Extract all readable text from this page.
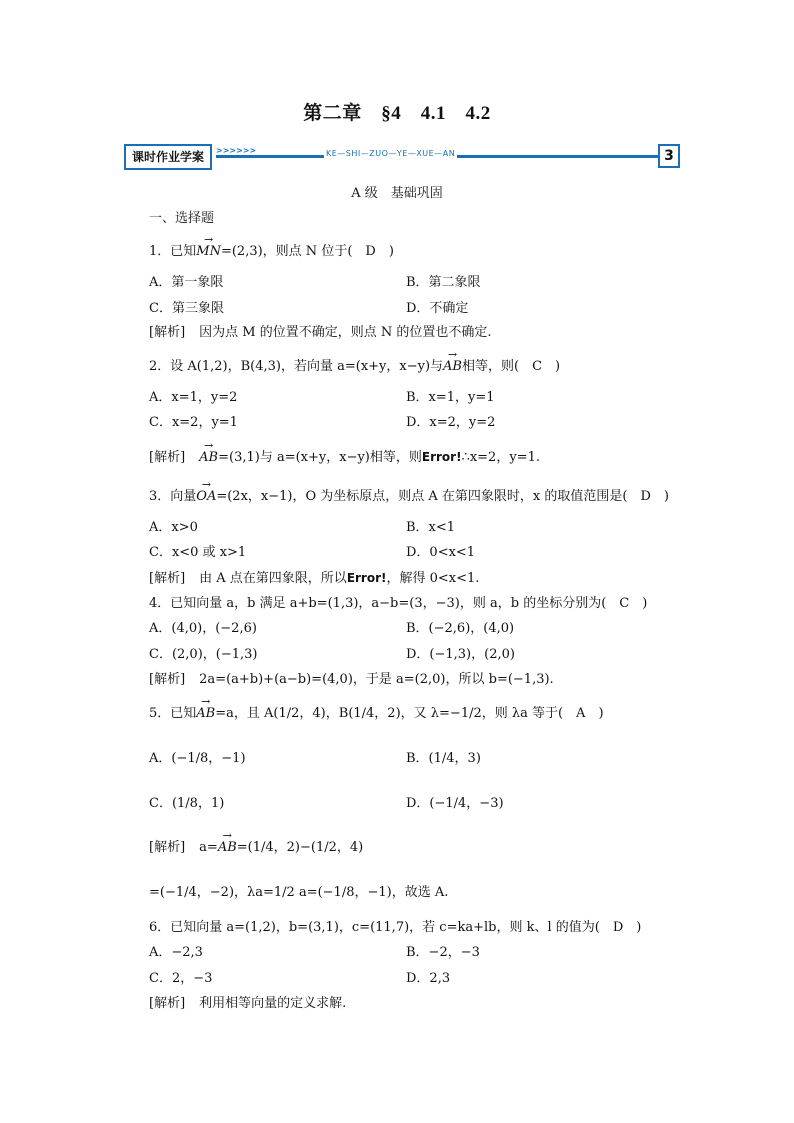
第二章　§4　4.1　4.2
课时作业学案	>>>>>>	KE—SHI—ZUO—YE—XUE—AN	3
A 级　基础巩固
一、选择题
1．已知→ MN=(2,3)，则点 N 位于(　D　)
A．第一象限	B．第二象限
C．第三象限	D．不确定
[解析] 因为点 M 的位置不确定，则点 N 的位置也不确定.
2．设 A(1,2)，B(4,3)，若向量 a=(x+y，x−y)与→ AB相等，则(　C　)
A．x=1，y=2	B．x=1，y=1
C．x=2，y=1	D．x=2，y=2
[解析]→ AB=(3,1)与 a=(x+y，x−y)相等，则Error!∴x=2，y=1.
3．向量→ OA=(2x，x−1)，O 为坐标原点，则点 A 在第四象限时，x 的取值范围是(　D　)
A．x>0	B．x<1
C．x<0 或 x>1	D．0<x<1
[解析] 由 A 点在第四象限，所以Error!，解得 0<x<1.
4．已知向量 a，b 满足 a+b=(1,3)，a−b=(3，−3)，则 a，b 的坐标分别为(　C　)
A．(4,0)，(−2,6)	B．(−2,6)，(4,0)
C．(2,0)，(−1,3)	D．(−1,3)，(2,0)
[解析] 2a=(a+b)+(a−b)=(4,0)，于是 a=(2,0)，所以 b=(−1,3).
5．已知→ AB=a，且 A(1/2，4)，B(1/4，2)，又 λ=−1/2，则 λa 等于(　A　)
A．(−1/8，−1)	B．(1/4，3)
C．(1/8，1)	D．(−1/4，−3)
[解析] a=→ AB=(1/4，2)−(1/2，4)
=(−1/4，−2)，λa=1/2 a=(−1/8，−1)，故选 A.
6．已知向量 a=(1,2)，b=(3,1)，c=(11,7)，若 c=ka+lb，则 k、l 的值为(　D　)
A．−2,3	B．−2，−3
C．2，−3	D．2,3
[解析] 利用相等向量的定义求解.
